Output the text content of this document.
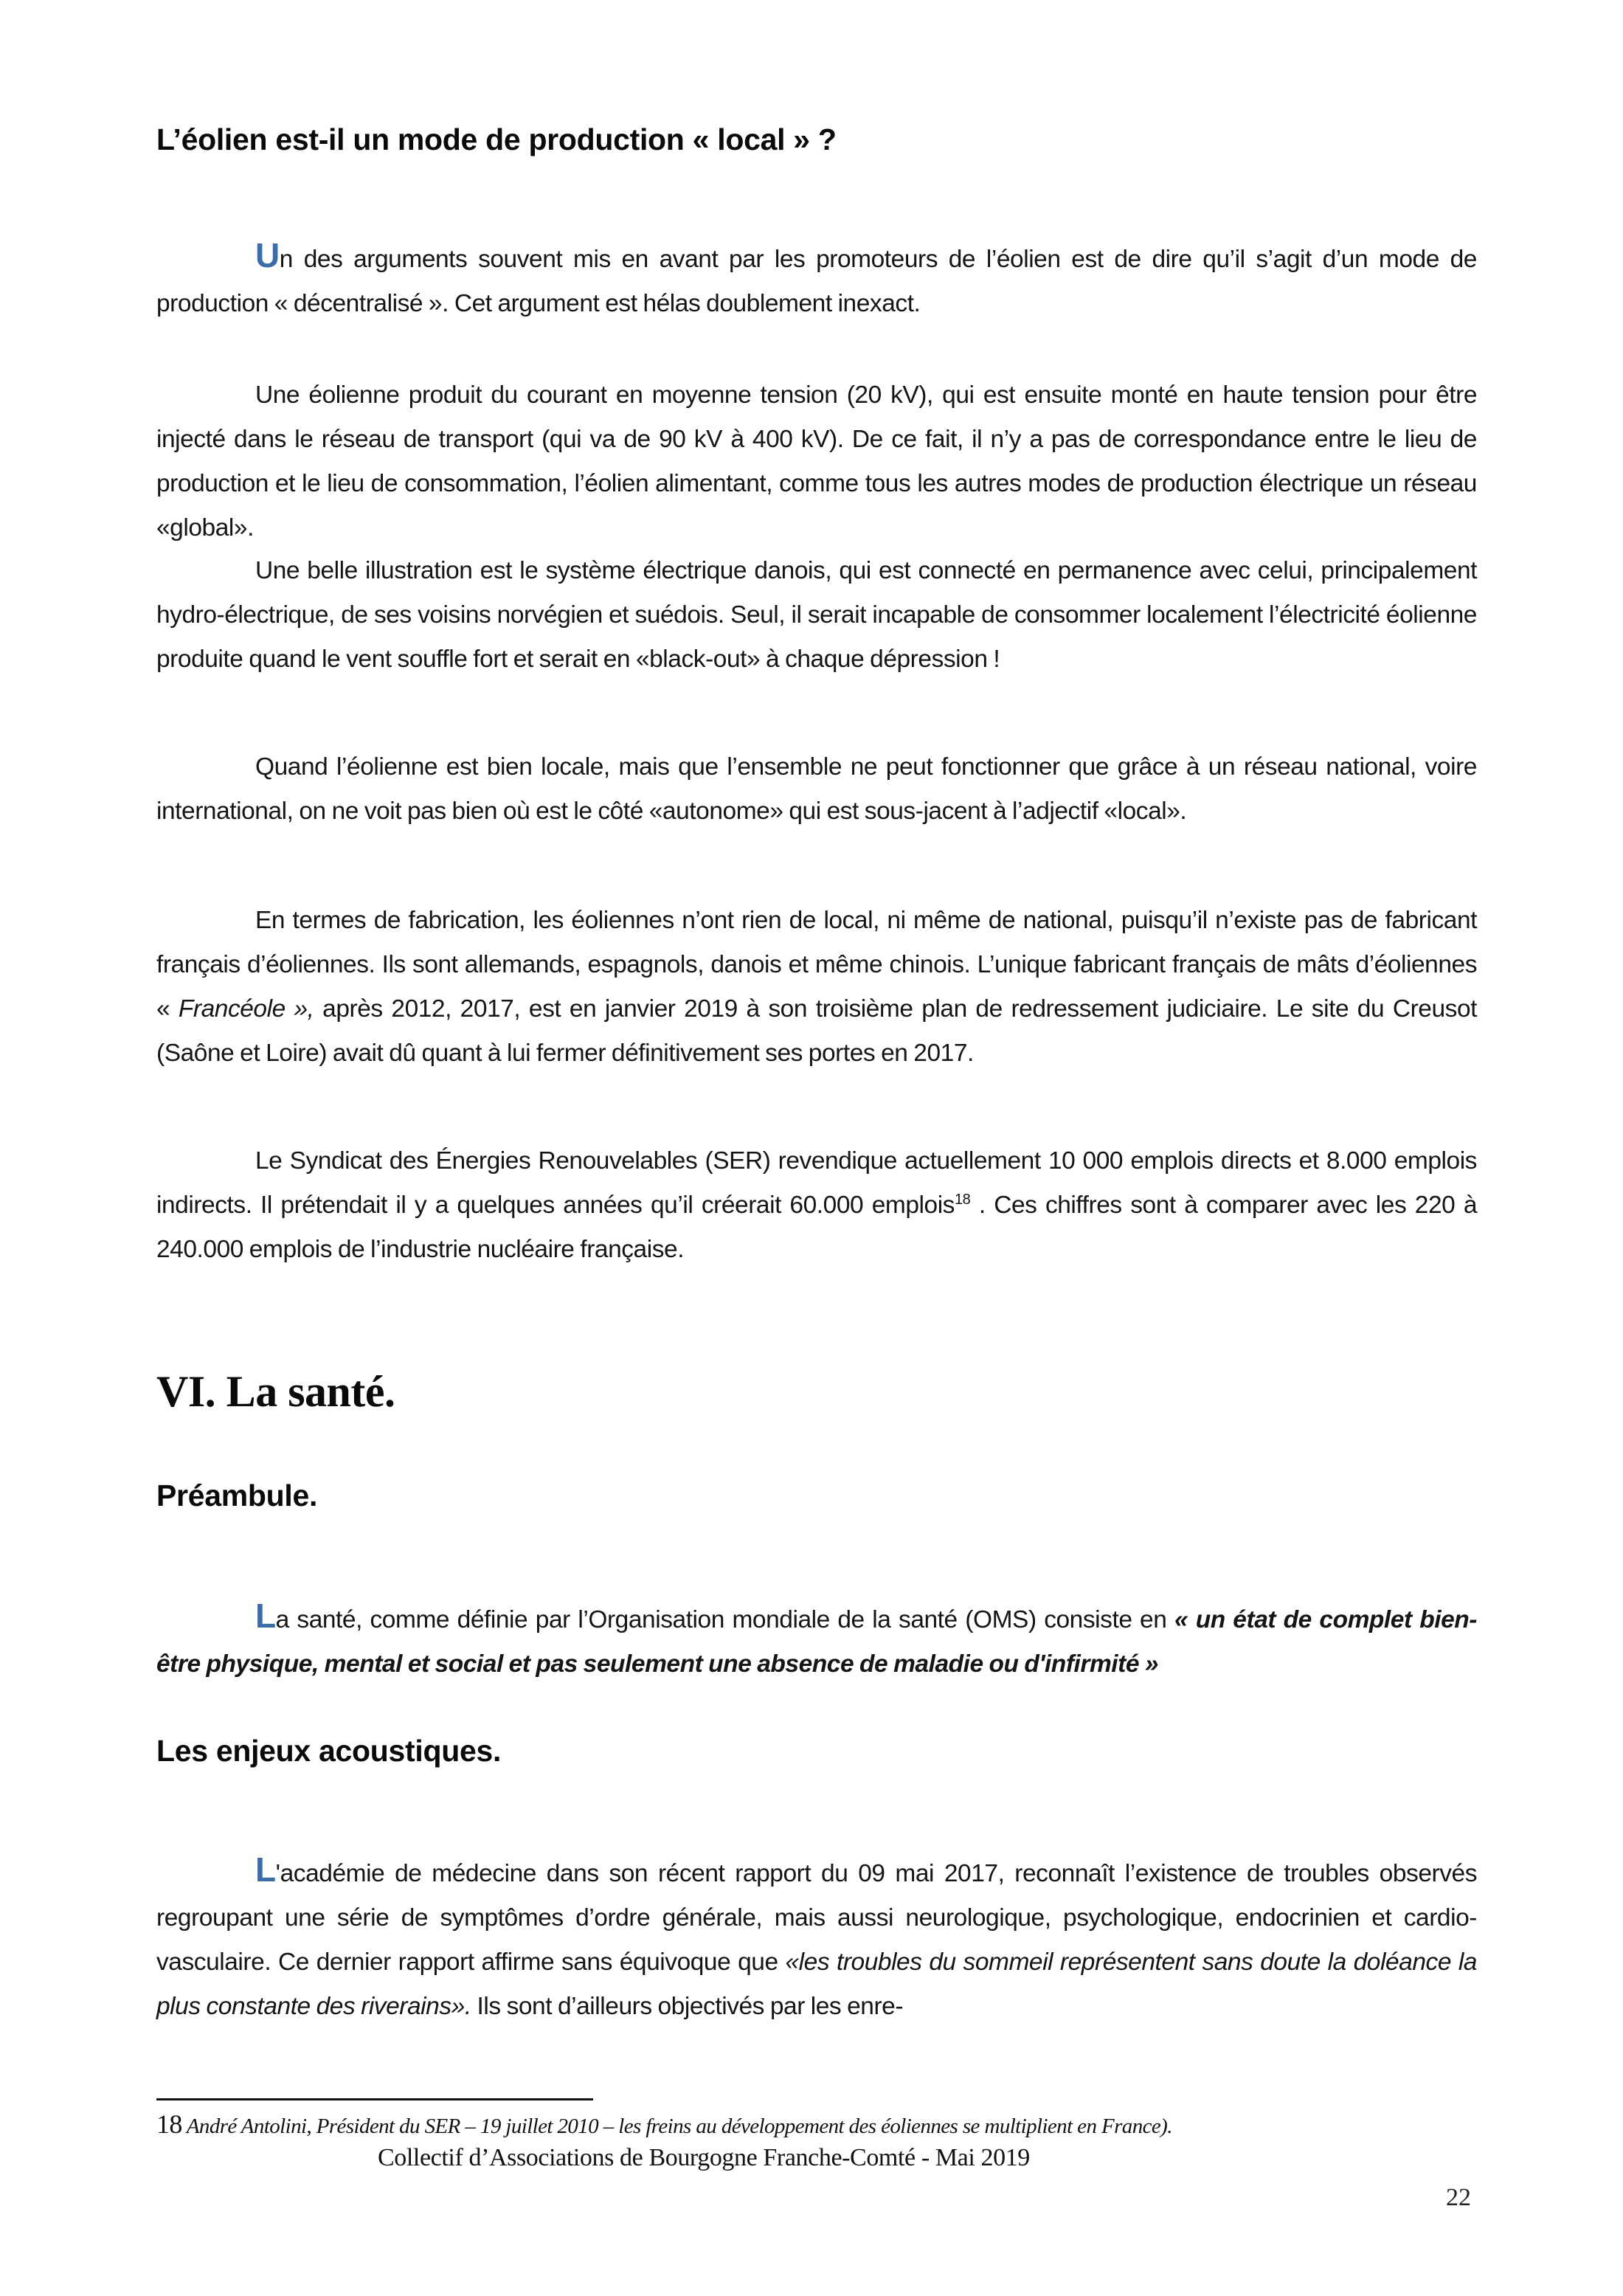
L’éolien est-il un mode de production « local » ?

Un des arguments souvent mis en avant par les promoteurs de l’éolien est de dire qu’il s’agit d’un mode de production « décentralisé ». Cet argument est hélas doublement inexact.

Une éolienne produit du courant en moyenne tension (20 kV), qui est ensuite monté en haute tension pour être injecté dans le réseau de transport (qui va de 90 kV à 400 kV). De ce fait, il n’y a pas de correspondance entre le lieu de production et le lieu de consommation, l’éolien alimentant, comme tous les autres modes de production électrique un réseau «global».

Une belle illustration est le système électrique danois, qui est connecté en permanence avec celui, principalement hydro-électrique, de ses voisins norvégien et suédois. Seul, il serait incapable de consommer localement l’électricité éolienne produite quand le vent souffle fort et serait en «black-out» à chaque dépression !

Quand l’éolienne est bien locale, mais que l’ensemble ne peut fonctionner que grâce à un réseau national, voire international, on ne voit pas bien où est le côté «autonome» qui est sous-jacent à l’adjectif «local».

En termes de fabrication, les éoliennes n’ont rien de local, ni même de national, puisqu’il n’existe pas de fabricant français d’éoliennes. Ils sont allemands, espagnols, danois et même chinois. L’unique fabricant français de mâts d’éoliennes « Francéole », après 2012, 2017, est en janvier 2019 à son troisième plan de redressement judiciaire. Le site du Creusot (Saône et Loire) avait dû quant à lui fermer définitivement ses portes en 2017.

Le Syndicat des Énergies Renouvelables (SER) revendique actuellement 10 000 emplois directs et 8.000 emplois indirects. Il prétendait il y a quelques années qu’il créerait 60.000 emplois$^{18}$ . Ces chiffres sont à comparer avec les 220 à 240.000 emplois de l’industrie nucléaire française.

VI. La santé.
Préambule.

La santé, comme définie par l’Organisation mondiale de la santé (OMS) consiste en « un état de complet bien-être physique, mental et social et pas seulement une absence de maladie ou d'infirmité »

Les enjeux acoustiques.

L'académie de médecine dans son récent rapport du 09 mai 2017, reconnaît l’existence de troubles observés regroupant une série de symptômes d’ordre générale, mais aussi neurologique, psychologique, endocrinien et cardio-vasculaire. Ce dernier rapport affirme sans équivoque que «les troubles du sommeil représentent sans doute la doléance la plus constante des riverains». Ils sont d’ailleurs objectivés par les enre-

18 André Antolini, Président du SER – 19 juillet 2010 – les freins au développement des éoliennes se multiplient en France).
Collectif d’Associations de Bourgogne Franche-Comté - Mai 2019
22
